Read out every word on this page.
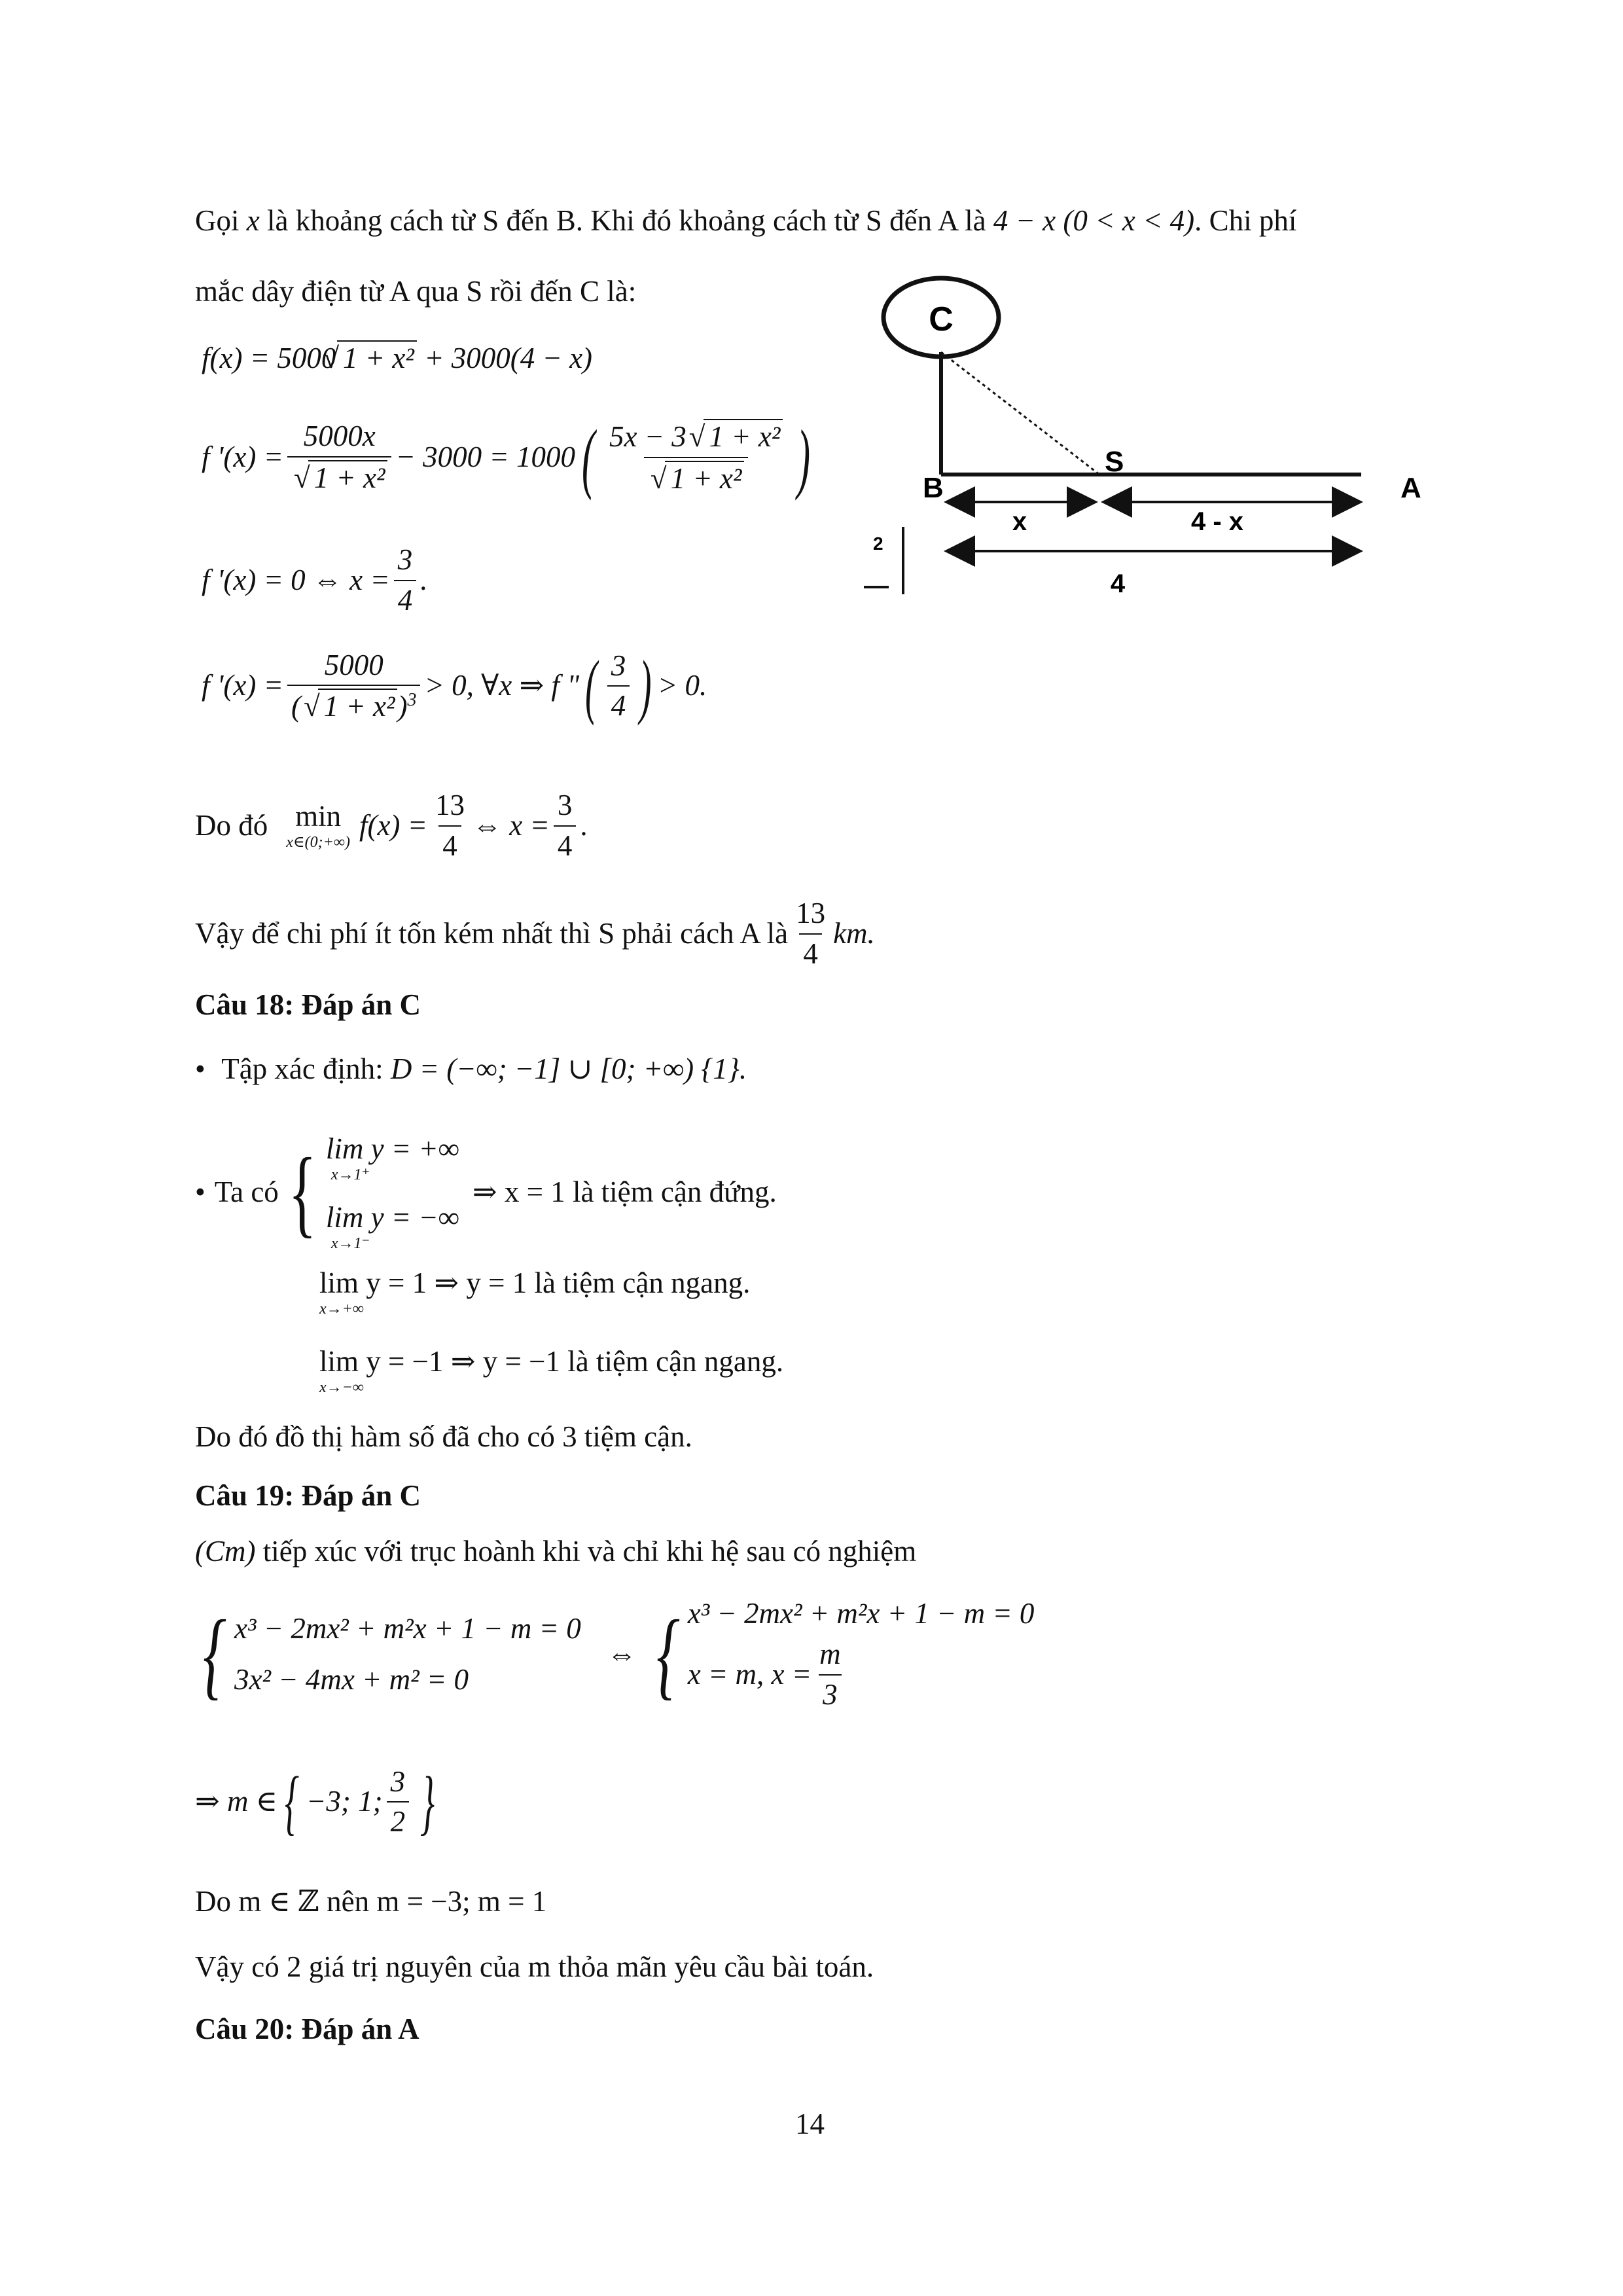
Gọi x là khoảng cách từ S đến B. Khi đó khoảng cách từ S đến A là 4 − x (0 < x < 4). Chi phí
mắc dây điện từ A qua S rồi đến C là:
f(x) = 5000 √ 1 + x² + 3000(4 − x)
f '(x) = 5000x
√ 1 + x² − 3000 = 1000 ( 5x − 3 √ 1 + x²
√ 1 + x² )
f '(x) = 0 ⇔ $x = \frac{3}{4}$ .
f '$(x) = \frac{5000}{( √ 1 + x^2)^3} > 0$, ∀x ⇒ f " ( $\frac{3}{4}$ ) > 0.
Do đó min
x∈(0;+∞)
$f(x) = \frac{13}{4}$ ⇔ $x = \frac{3}{4}$ .
Vậy để chi phí ít tốn kém nhất thì S phải cách A là $\frac{13}{4}$ km.
Câu 18: Đáp án C
• Tập xác định: D = (−∞; −1] ∪ [0; +∞) {1}.
• Ta có { lim y = +∞
x→1⁺
lim y = −∞
x→1⁻
⇒ x = 1 là tiệm cận đứng.
lim y = 1 ⇒ y = 1 là tiệm cận ngang.
x→+∞
lim y = −1 ⇒ y = −1 là tiệm cận ngang.
x→−∞
Do đó đồ thị hàm số đã cho có 3 tiệm cận.
Câu 19: Đáp án C
(Cm) tiếp xúc với trục hoành khi và chỉ khi hệ sau có nghiệm
{ x³ − 2mx² + m²x + 1 − m = 0
3x² − 4mx + m² = 0
⇔ { x³ − 2mx² + m²x + 1 − m = 0
x = m, $x = \frac{m}{3}$
⇒ m ∈ { −3; 1; $\frac{3}{2}$ }
Do m ∈ ℤ nên m = −3; m = 1
Vậy có 2 giá trị nguyên của m thỏa mãn yêu cầu bài toán.
Câu 20: Đáp án A
14
C
B
S
A
x	4 - x
4
2
